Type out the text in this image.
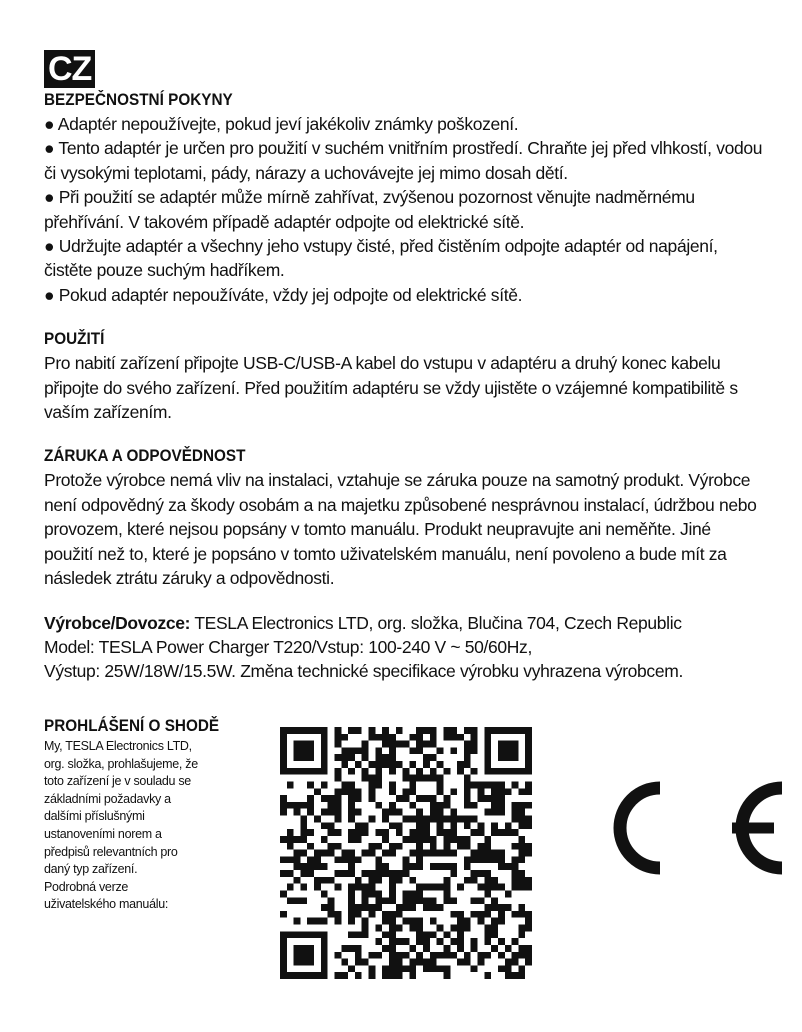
CZ
BEZPEČNOSTNÍ POKYNY

● Adaptér nepoužívejte, pokud jeví jakékoliv známky poškození.

● Tento adaptér je určen pro použití v suchém vnitřním prostředí. Chraňte jej před vlhkostí, vodou či vysokými teplotami, pády, nárazy a uchovávejte jej mimo dosah dětí.

● Při použití se adaptér může mírně zahřívat, zvýšenou pozornost věnujte nadměrnému přehřívání. V takovém případě adaptér odpojte od elektrické sítě.

● Udržujte adaptér a všechny jeho vstupy čisté, před čistěním odpojte adaptér od napájení, čistěte pouze suchým hadříkem.

● Pokud adaptér nepoužíváte, vždy jej odpojte od elektrické sítě.

POUŽITÍ

Pro nabití zařízení připojte USB-C/USB-A kabel do vstupu v adaptéru a druhý konec kabelu připojte do svého zařízení. Před použitím adaptéru se vždy ujistěte o vzájemné kompatibilitě s vaším zařízením.

ZÁRUKA A ODPOVĚDNOST

Protože výrobce nemá vliv na instalaci, vztahuje se záruka pouze na samotný produkt. Výrobce není odpovědný za škody osobám a na majetku způsobené nesprávnou instalací, údržbou nebo provozem, které nejsou popsány v tomto manuálu. Produkt neupravujte ani neměňte. Jiné použití než to, které je popsáno v tomto uživatelském manuálu, není povoleno a bude mít za následek ztrátu záruky a odpovědnosti.

Výrobce/Dovozce: TESLA Electronics LTD, org. složka, Blučina 704, Czech Republic

Model: TESLA Power Charger T220/Vstup: 100-240 V ~ 50/60Hz,

Výstup: 25W/18W/15.5W. Změna technické specifikace výrobku vyhrazena výrobcem.

PROHLÁŠENÍ O SHODĚ

My, TESLA Electronics LTD,

org. složka, prohlašujeme, že

toto zařízení je v souladu se

základními požadavky a

dalšími příslušnými

ustanoveními norem a

předpisů relevantních pro

daný typ zařízení.

Podrobná verze

uživatelského manuálu:
